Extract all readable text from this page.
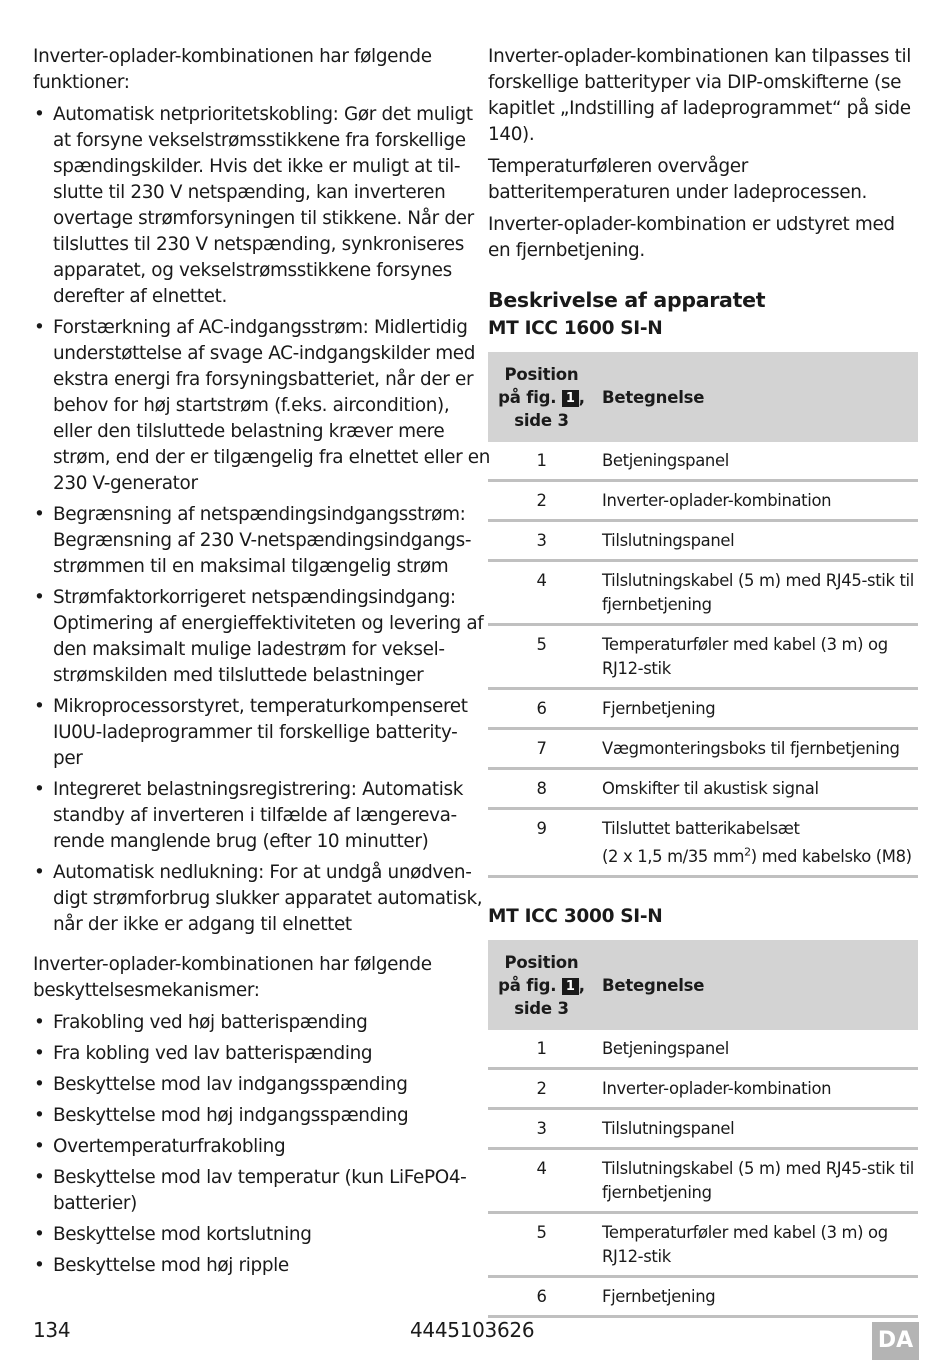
Inverter-oplader-kombinationen har følgende funktioner:

• Automatisk netprioritetskobling: Gør det muligt
at forsyne vekselstrømsstikkene fra forskellige
spændingskilder. Hvis det ikke er muligt at til-
slutte til 230 V netspænding, kan inverteren
overtage strømforsyningen til stikkene. Når der
tilsluttes til 230 V netspænding, synkroniseres
apparatet, og vekselstrømsstikkene forsynes
derefter af elnettet.
• Forstærkning af AC-indgangsstrøm: Midlertidig
understøttelse af svage AC-indgangskilder med
ekstra energi fra forsyningsbatteriet, når der er
behov for høj startstrøm (f.eks. aircondition),
eller den tilsluttede belastning kræver mere
strøm, end der er tilgængelig fra elnettet eller en
230 V-generator
• Begrænsning af netspændingsindgangsstrøm:
Begrænsning af 230 V-netspændingsindgangs-
strømmen til en maksimal tilgængelig strøm
• Strømfaktorkorrigeret netspændingsindgang:
Optimering af energieffektiviteten og levering af
den maksimalt mulige ladestrøm for veksel-
strømskilden med tilsluttede belastninger
• Mikroprocessorstyret, temperaturkompenseret
IU0U-ladeprogrammer til forskellige batterity-
per
• Integreret belastningsregistrering: Automatisk
standby af inverteren i tilfælde af længereva-
rende manglende brug (efter 10 minutter)
• Automatisk nedlukning: For at undgå unødven-
digt strømforbrug slukker apparatet automatisk,
når der ikke er adgang til elnettet

Inverter-oplader-kombinationen har følgende beskyttelsesmekanismer:

• Frakobling ved høj batterispænding
• Fra kobling ved lav batterispænding
• Beskyttelse mod lav indgangsspænding
• Beskyttelse mod høj indgangsspænding
• Overtemperaturfrakobling
• Beskyttelse mod lav temperatur (kun LiFePO4-
batterier)
• Beskyttelse mod kortslutning
• Beskyttelse mod høj ripple

Inverter-oplader-kombinationen kan tilpasses til forskellige batterityper via DIP-omskifterne (se kapitlet „Indstilling af ladeprogrammet“ på side 140).

Temperaturføleren overvåger batteritemperaturen under ladeprocessen.

Inverter-oplader-kombination er udstyret med en fjernbetjening.

Beskrivelse af apparatet
MT ICC 1600 SI-N
Position
på fig. 1 ,
side 3	Betegnelse
1	Betjeningspanel
2	Inverter-oplader-kombination
3	Tilslutningspanel
4	Tilslutningskabel (5 m) med RJ45-stik til fjernbetjening
5	Temperaturføler med kabel (3 m) og RJ12-stik
6	Fjernbetjening
7	Vægmonteringsboks til fjernbetjening
8	Omskifter til akustisk signal
9	Tilsluttet batterikabelsæt
(2 x 1,5 m/35 $mm^2$) med kabelsko (M8)
MT ICC 3000 SI-N
Position
på fig. 1 ,
side 3	Betegnelse
1	Betjeningspanel
2	Inverter-oplader-kombination
3	Tilslutningspanel
4	Tilslutningskabel (5 m) med RJ45-stik til fjernbetjening
5	Temperaturføler med kabel (3 m) og RJ12-stik
6	Fjernbetjening
134	4445103626	DA
